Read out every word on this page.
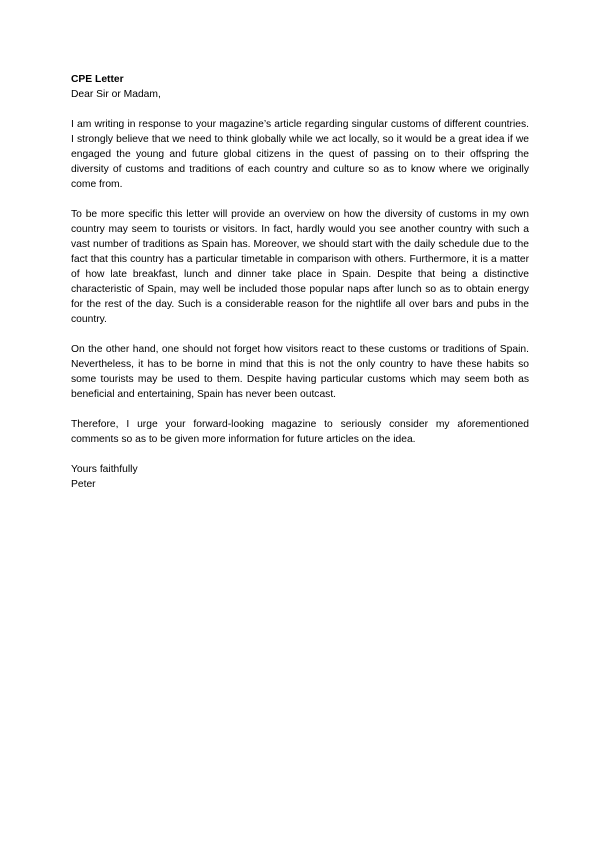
CPE Letter

Dear Sir or Madam,

I am writing in response to your magazine’s article regarding singular customs of different countries. I strongly believe that we need to think globally while we act locally, so it would be a great idea if we engaged the young and future global citizens in the quest of passing on to their offspring the diversity of customs and traditions of each country and culture so as to know where we originally come from.

To be more specific this letter will provide an overview on how the diversity of customs in my own country may seem to tourists or visitors. In fact, hardly would you see another country with such a vast number of traditions as Spain has. Moreover, we should start with the daily schedule due to the fact that this country has a particular timetable in comparison with others. Furthermore, it is a matter of how late breakfast, lunch and dinner take place in Spain. Despite that being a distinctive characteristic of Spain, may well be included those popular naps after lunch so as to obtain energy for the rest of the day. Such is a considerable reason for the nightlife all over bars and pubs in the country.

On the other hand, one should not forget how visitors react to these customs or traditions of Spain. Nevertheless, it has to be borne in mind that this is not the only country to have these habits so some tourists may be used to them. Despite having particular customs which may seem both as beneficial and entertaining, Spain has never been outcast.

Therefore, I urge your forward-looking magazine to seriously consider my aforementioned comments so as to be given more information for future articles on the idea.

Yours faithfully

Peter
